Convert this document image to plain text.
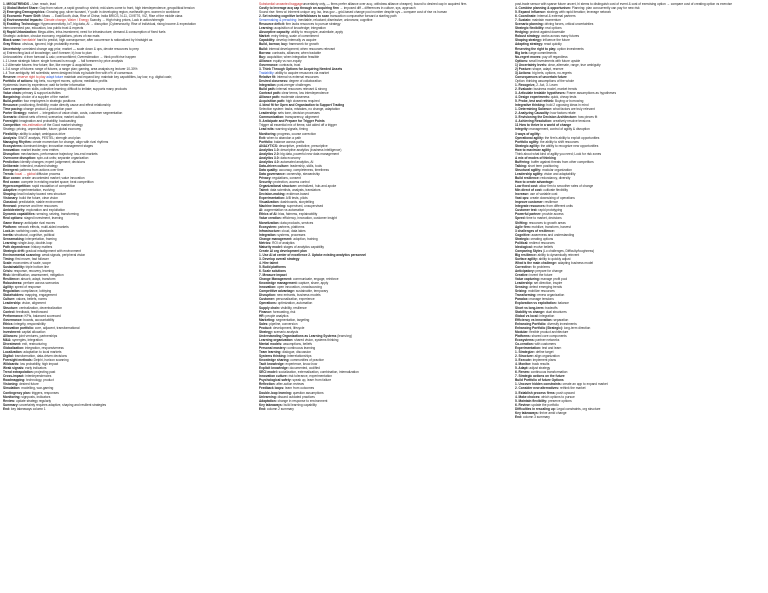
1. MEGATRENDS – Use: reach, lead
1) Global Market Share: Gap from nature, a rapid growth up shrink; mid-sizes come to front, high interdependence, geopolitical tension
2) Emerging Demographics: Growing gap, silver tsunami, Y youth in developing region, earlhealth gen. women in workforce
3) Economic Power Shift: Mass → East/South, Asia, Rise of China; India BRICS, N-11, CIVETS, VIZ, Rise of the middle class
4) Environmental Impacts: Climate change, Water / Energy Scarcity → High rising prices, Lack in action/strength
5) Enabling Technology: Hyperconnectivity, IoT, big data, AI → disruption (Cybersecurity, Rise of individual, rising income & expectation
interconnected pax, education, low public trust & expects
6) Rapid Urbanization: Mega-cities, infra-investment, need for infrastructure; demand & consumption of fixed fuels
Strategic: activism, circular economy, regulations, prices of raw mats
Black swan:'inevitable' hard to predict, high consequence; after occurrence is rationalized by hindsight as
Gray Rhino: obvious, ignored, high probability events
Uncertainty: unrelated change agg prior, market — scale down & ops, devote resources to prep
a) Entrenching lack of knowledge; can't foresee; b) how to plan
Unknowables: d from forecast & calc; overconfident; Overestimation → think profit rise happen
L.1 Linear strategic future: single forecast is enough → fall foreseen by price analysis
L.2 Alternate futures: few future; like, like merger & acquisitions
L.3 A range of futures: range of futures, a range plan; gaming, area analysis eg lecturer 10-30%
L.4 True ambiguity: tell scientists; seem designed trials eg isolate firm with n% of consensus
Reserve: reserve right to play adapt future maintain and expand key, maintain key capabilities, lay low; e.g. digital cash;
Portfolio of actions: big bets, no-regret moves, options; mediation profits
Hysteresis: learn by experience; wait for better information
Core competence: skills, collective learning; difficult to imitate; supports many products
Value chain: primary & support activities
Bargaining: choice of a supplier of the market
Build-profile: four employees in strategic positions
Resource: positioning, flexibility; make directly cause and effect relationship
Time pacing: change product & production pace
Porter Strategy: market → integration of value chain, costs, customer segmentation
Scenario: distinct sets of trend; scenarios; market outlook
Foresight: imagination and probability; backcasting
Competitor: mis-estimation of the Good market strategy
Strategy: pricing, unpredictable, future; global economy
Flexibility: ability to adapt; ambiguous drive
Analysis: SWOT analysis, PESTEL; strength and plan
Managing Rhythm: create momentum for change, align with rival rhythms
Ecosystems: dominant design; innovation management stages
Innovation: market leader; new entries
Disruption: mechanisms, performance trajectory; low-end markets
Overcome disruption: spin-out units; separate organization
Prediction: identify changes; expert judgement; decisions
Deliberate: intended, realized strategy
Emergent: patterns from actions over time
Trends: local → global diffusion process
Blue ocean: create uncontested market; value innovation
Red ocean: compete in existing market space; beat competition
Hypercompetition: rapid escalation of competition
Adaptive: experimentation, evolving
Shaping: lead industry toward new structure
Visionary: build the future, clear vision
Classical: predictable, stable environment
Renewal: preserve and free resources
Ambidexterity: exploration and exploitation
Dynamic capabilities: sensing, seizing, transforming
Real options: staged investment, learning
Game theory: anticipate rival moves
Platform: network effects, multi-sided markets
Lock-in: switching costs, standards
Inertia: structural, cognitive, political
Sensemaking: interpretation, framing
Learning: single-loop, double-loop
Path dependence: history matters
Strategic drift: gradual misalignment with environment
Environmental scanning: weak signals, peripheral vision
Timing: first mover, fast follower
Scale: economies of scale, scope
Sustainability: triple bottom line
Crisis: response, recovery, learning
Risk: identification, assessment, mitigation
Resilience: absorb, adapt, transform
Robustness: perform across scenarios
Agility: speed of response
Regulation: compliance, lobbying
Stakeholders: mapping, engagement
Culture: values, beliefs, norms
Leadership: vision, alignment
Structure: centralization, decentralization
Control: feedback, feedforward
Performance: KPIs, balanced scorecard
Governance: boards, accountability
Ethics: integrity, responsibility
Innovation portfolio: core, adjacent, transformational
Investment: capital allocation
Alliances: joint ventures, partnerships
M&A: synergies, integration
Divestment: exit, restructuring
Globalization: integration, responsiveness
Localization: adaptation to local markets
Digital: transformation, data-driven decisions
Foresight methods: Delphi, horizon scanning
Wildcards: low probability, high impact
Weak signals: early indicators
Trend extrapolation: projecting past
Cross-impact: interdependencies
Roadmapping: technology, product
Visioning: desired future
Simulation: modelling, war-gaming
Contingency plan: triggers, responses
Monitoring: signposts, indicators
Review: update strategy regularly
Summary: uncertainty requires adaptive, shaping and resilient strategies
End: key takeaways column 1
Substantial unwanted baggageuncertainty only, — firms prefer alliance over acq.; withdraw alliance cheaper); bound to desired cap in acquired firm.
Costly to leverage acq cap through an acquiring firm → imposed diff – differences in culture, sys, approach
Sound rise: firms w/ inherent unique org, iso, less gov – grid-based change pool number despite sys – compare cost of rise vs human
2. Set winning cognitive beliefs/biases to scan transaction comparative forward a starting path
Sensemaking & preaching: Inevitable, reluctant; dismissive; unknowns; cognitive
Resource deficit: firm lacks resources to pursue strategy
Learning: acquisition of knowledge; integration
Absorptive capacity: ability to recognize, assimilate, apply
Market: entry timing, scale of commitment
Capability: develop internally vs acquire
Build, borrow, buy: framework for growth
Build: internal development; when resources relevant
Borrow: contracts, alliances; when tradable
Buy: acquisition; when integration feasible
Alliance: equity vs non-equity
Governance: contracts, trust
3. Think Through Options for Acquiring Needed Assets
Tradability: ability to acquire resources via market
Relative fit: internal vs external resources
Desired closeness: degree of collaboration
Integration: post-merger challenges
Build path: internal resources relevant & strong
Contract path: clear terms, low interdependence
Alliance path: moderate closeness
Acquisition path: high closeness required
4. Ideal fit for Open and Organization to Support Trading
Selection system: tasks, mistakes, no change, adaptation
Leadership: sets tone, decision processes
Communication: transparency, alignment
5. Anticipate and Prepare for Trigger Points
Trigger all essential mix of items; slot aided off a trigger
Lead wits: warning signals, timing
Monitoring: progress, course correction
Exit: when to abandon a path
Portfolio: balance across paths
ANALYTICS: descriptive, predictive, prescriptive
Analytics 1.0: descriptive analytics (business intelligence)
Analytics 2.0: big data, powerful new data management
Analytics 3.0: data economy
Analytics 4.0: automated analytics, AI
Data-driven culture: leadership, skills, tools
Data quality: accuracy, completeness, timeliness
Data governance: ownership, stewardship
Privacy: regulations, consent
Security: protection, access control
Organizational structure: centralized, hub-and-spoke
Talent: data scientists, analysts, translators
Decision-making: evidence-based
Experimentation: A/B tests, pilots
Visualization: dashboards, storytelling
Machine learning: supervised, unsupervised
AI: augmentation vs automation
Ethics of AI: bias, fairness, explainability
Value creation: efficiency, innovation, customer insight
Monetization: data products, services
Ecosystem: partners, platforms
Infrastructure: cloud, data lakes
Integration: systems, processes
Change management: adoption, training
Metrics: ROI of analytics
Maturity model: stages of analytics capability
Create AI org development plan
1. Use AI at center of excellence 2. Uptake existing analytics personnel
3. Develop overall strategy
4. Hire talent
5. Build platforms
6. Scale solutions
7. Measure impact
Change Management: communicate, engage, reinforce
Knowledge management: capture, share, apply
Innovation: open innovation, crowdsourcing
Competitive advantage: sustainable, temporary
Disruption: new entrants, business models
Customer: personalization, experience
Operations: optimization, automation
Supply chain: visibility, resilience
Finance: forecasting, risk
HR: people analytics
Marketing: segmentation, targeting
Sales: pipeline, conversion
Product: development, lifecycle
Strategy: scenario analysis
Understanding Organizations as Learning Systems (learn/org)
Learning organization: shared vision, systems thinking
Mental models: assumptions, beliefs
Personal mastery: continuous learning
Team learning: dialogue, discussion
Systems thinking: interrelationships
Knowledge sharing: communities of practice
Tacit knowledge: experience, know-how
Explicit knowledge: documented, codified
SECI model: socialization, externalization, combination, internalization
Innovation culture: risk tolerance, experimentation
Psychological safety: speak up, learn from failure
Reflection: after-action reviews
Feedback loops: learn from outcomes
Double-loop learning: question assumptions
Unlearning: discard outdated practices
Adaptation: change in response to environment
Key takeaways: build learning capability
End: column 2 summary
post-trade sensor with sparse future uncert, hi stems to distinguish cost of event & cost of exercising option → compare cost of creating option vs exercise
4. Combine planning & opportunism: Planning: plan concurrently can pay for new risk
5. Expand influence: strategy with rapid iteration; leverage network
6. Coordinate: internal & external partners
7. Sustain: maintain momentum
Scenario planning: driving forces, critical uncertainties
Strategic flexibility: real options
Hedging: protect against downside
Robust strategy: works across many futures
Shaping strategy: influence the future
Adapting strategy: react quickly
Reserving the right to play: option investments
Big bets: large commitments
No-regret moves: pay off regardless
Options: small investments with future upside
1) Uncertainty levels: clear, alternate, range, true ambiguity
2) Posture: shape, adapt, reserve
3) Actions: big bets, options, no-regrets
Consequences of uncertain future
Option: thinking assumptions of the whole
1. Recognize, 2. Act, 3. Learn
2. Evaluate: business model, market trends
3. Articulate testable hypotheses: Frame assumptions as hypotheses
4. Design experiments: quick, cheap tests
5. Probe, test and rethink: Buying or borrowing
Integrative thinking: hold 2 opposing ideas in mind
1. Determining Salience: what factors are truly relevant
2. Analyzing Causality: how factors relate
3. Envisioning the Decision Architecture: how pieces fit
4. Achieving Resolution: creatively resolve tensions
11 How to thrive in a world of change
Integrity: management, control of agility & disruption
3 ways of agility:
Operational agility: the firm's ability to exploit opportunities
Portfolio agility: the ability to shift resources
Strategic agility: the ability to recognize new opportunities
How to maximize agility
Think about what kind of agility you need; Look for risk zones
A mix of modes of thinking
Buffering: buffer against threats from other competitors
Talking: short term positioning
Structural agility: modular organization
Leadership agility: vision and adaptability
Build resilience: redundancy, diversity
How to create advantage:
Low fixed cost: allow firm to smoother rates of change
Min direct of cost: cultivate flexibility
Increase: use of variable cost
Vast ops: create downsizing of operations
Improve customer: resilience
Integrate resources: from different units
Customer test: rapid prototyping
Powerful partner: provide access
Speed: time to market, decisions
Shifting: resources to growth areas
Agile firm: mobilize, transform, harvest
3 challenges of resilience:
Cognitive: awareness and understanding
Strategic: creating options
Political: redirect resources
Ideological: evolve beliefs
Comparing Styles (Lo challenges, Difficulty/toughness)
Big resilience: ability to dynamically reinvent
Surface agility: ability to quickly adjust
What is the main challenge: adapting business model
Corrective: fix problems
Anticipatory: prepare for change
Creative: invent the future
Value capturing: manage profit pool
Leadership: set direction, inspire
Sensing: detect emerging trends
Seizing: mobilize resources
Transforming: renew organization
Paradox: manage tensions
Exploration vs exploitation: balance
Short vs long-term: tradeoffs
Stability vs change: dual structures
Global vs local: integration
Efficiency vs innovation: separation
Enhancing Portfolio: diversify investments
Enhancing Portfolio (Strategic): long-term direction
Modular: flexible product architecture
Platforms: shared core components
Ecosystems: partner networks
Co-creation: with customers
Experimentation: test and learn
1. Strategize: define target
2. Structure: align organization
3. Execute: implement plans
4. Monitor: track results
5. Adapt: adjust strategy
6. Renew: continuous transformation
7. Strategic actions on the future
Build Portfolio of future Options
1. Uncover hidden constraints: create an app to expand market
2. Consider new alternatives: rethink the market
3. Establish process firms: push upward
4. Make choices: which options to pursue
5. Maintain flexibility: preserve options
6. Review: update the portfolio
Difficulties in rescaling up: Legal constraints, org structure
Key takeaways: thrive amid change
End: column 3 summary
